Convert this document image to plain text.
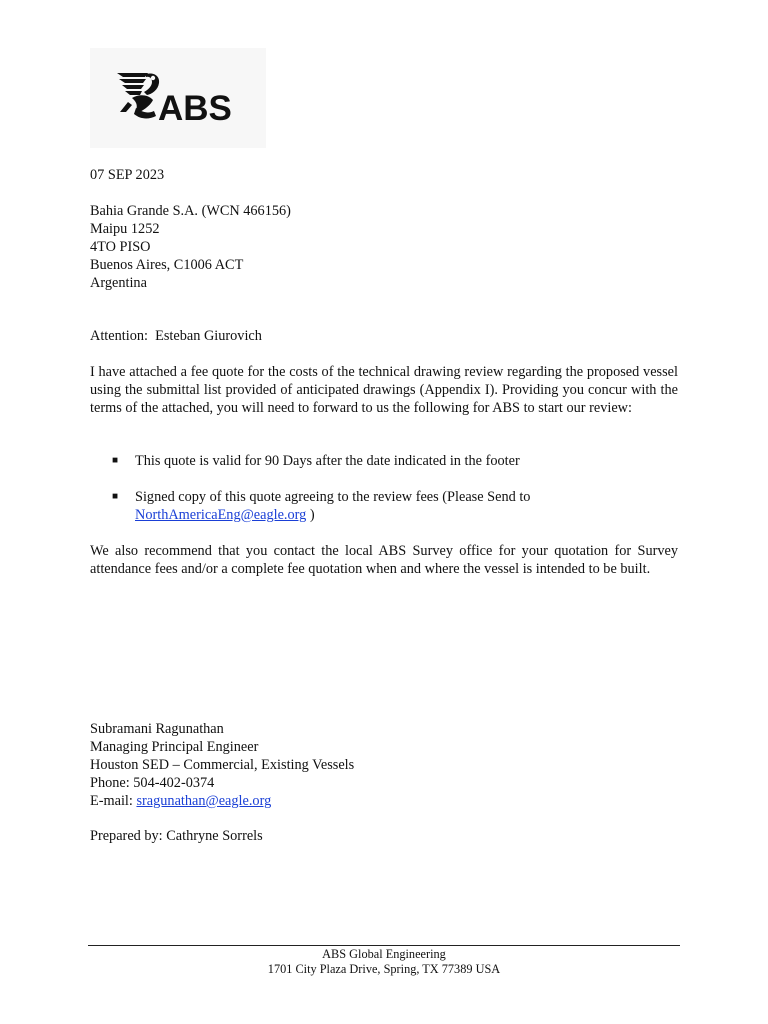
ABS
07 SEP 2023
Bahia Grande S.A. (WCN 466156)
Maipu 1252
4TO PISO
Buenos Aires, C1006 ACT
Argentina
Attention:  Esteban Giurovich
I have attached a fee quote for the costs of the technical drawing review regarding the proposed vessel using the submittal list provided of anticipated drawings (Appendix I). Providing you concur with the terms of the attached, you will need to forward to us the following for ABS to start our review:
■ This quote is valid for 90 Days after the date indicated in the footer
■ Signed copy of this quote agreeing to the review fees (Please Send to
NorthAmericaEng@eagle.org )
We also recommend that you contact the local ABS Survey office for your quotation for Survey attendance fees and/or a complete fee quotation when and where the vessel is intended to be built.
Subramani Ragunathan
Managing Principal Engineer
Houston SED – Commercial, Existing Vessels
Phone: 504-402-0374
E-mail: sragunathan@eagle.org
Prepared by: Cathryne Sorrels
ABS Global Engineering
1701 City Plaza Drive, Spring, TX 77389 USA
